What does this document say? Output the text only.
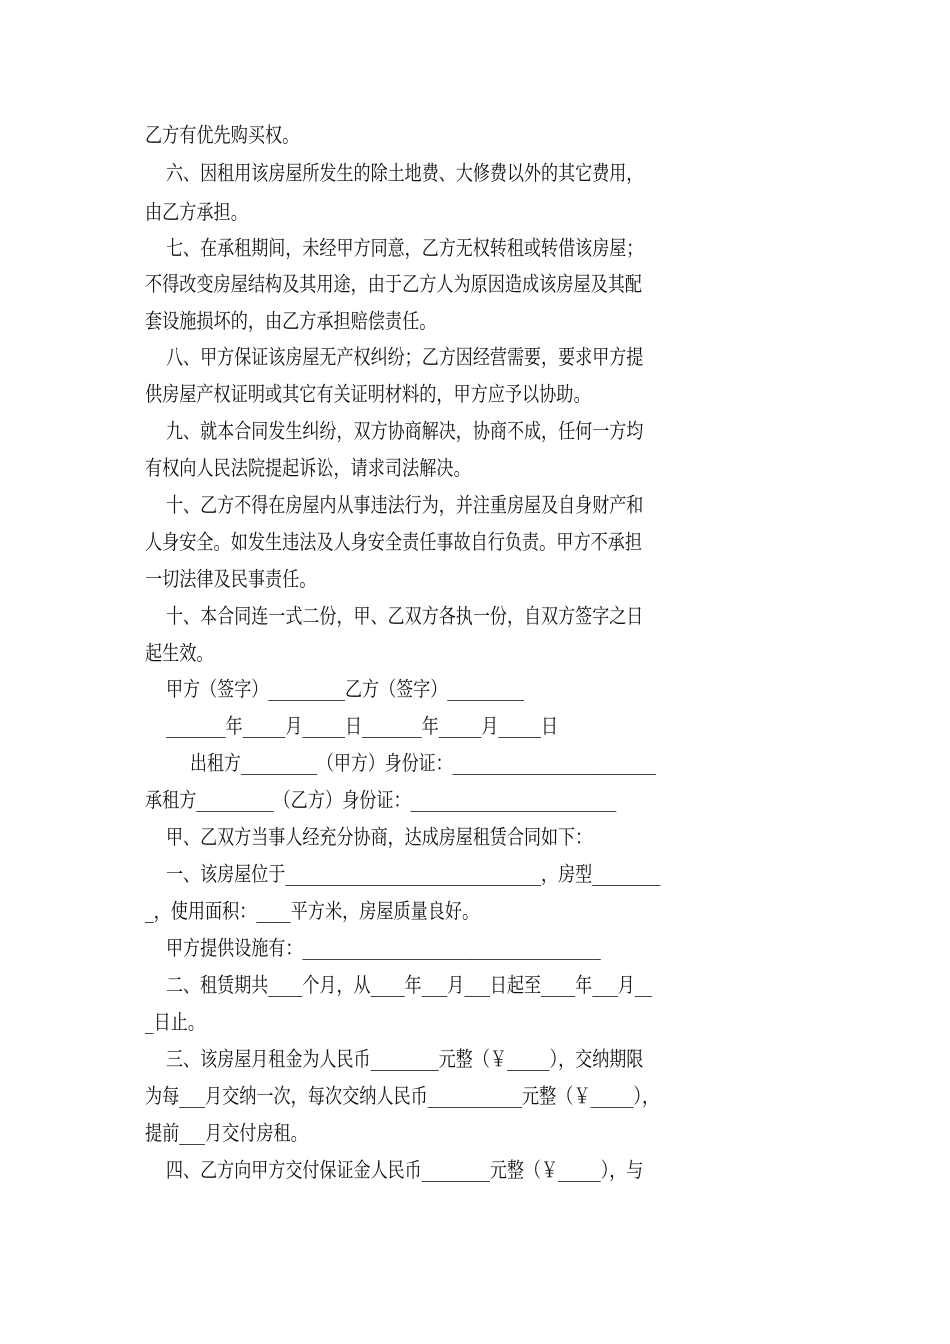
乙方有优先购买权。
六、因租用该房屋所发生的除土地费、大修费以外的其它费用，
由乙方承担。
七、在承租期间，未经甲方同意，乙方无权转租或转借该房屋；
不得改变房屋结构及其用途，由于乙方人为原因造成该房屋及其配
套设施损坏的，由乙方承担赔偿责任。
八、甲方保证该房屋无产权纠纷；乙方因经营需要，要求甲方提
供房屋产权证明或其它有关证明材料的，甲方应予以协助。
九、就本合同发生纠纷，双方协商解决，协商不成，任何一方均
有权向人民法院提起诉讼，请求司法解决。
十、乙方不得在房屋内从事违法行为，并注重房屋及自身财产和
人身安全。如发生违法及人身安全责任事故自行负责。甲方不承担
一切法律及民事责任。
十、本合同连一式二份，甲、乙双方各执一份，自双方签字之日
起生效。
甲方（签字）_________乙方（签字）_________
_______年_____月_____日_______年_____月_____日
出租方_________（甲方）身份证：________________________
承租方_________（乙方）身份证：________________________
甲、乙双方当事人经充分协商，达成房屋租赁合同如下：
一、该房屋位于______________________________，房型________
_，使用面积：____平方米，房屋质量良好。
甲方提供设施有：___________________________________
二、租赁期共____个月，从____年___月___日起至____年___月__
_日止。
三、该房屋月租金为人民币________元整（￥_____），交纳期限
为每___月交纳一次，每次交纳人民币___________元整（￥_____），
提前___月交付房租。
四、乙方向甲方交付保证金人民币________元整（￥_____），与
